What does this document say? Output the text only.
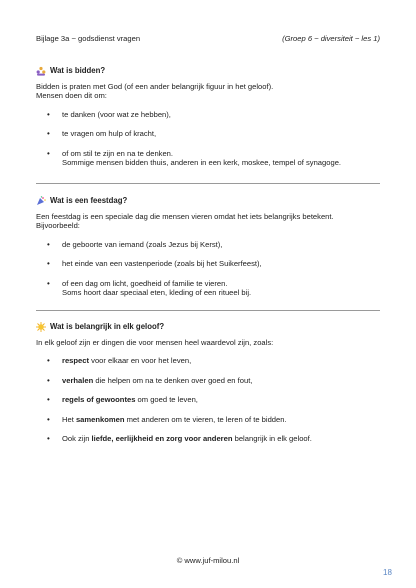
Bijlage 3a ~ godsdienst vragen	(Groep 6 ~ diversiteit ~ les 1)
Wat is bidden?

Bidden is praten met God (of een ander belangrijk figuur in het geloof).

Mensen doen dit om:

• te danken (voor wat ze hebben),
• te vragen om hulp of kracht,
• of om stil te zijn en na te denken.
Sommige mensen bidden thuis, anderen in een kerk, moskee, tempel of synagoge.
Wat is een feestdag?

Een feestdag is een speciale dag die mensen vieren omdat het iets belangrijks betekent.

Bijvoorbeeld:

• de geboorte van iemand (zoals Jezus bij Kerst),
• het einde van een vastenperiode (zoals bij het Suikerfeest),
• of een dag om licht, goedheid of familie te vieren.
Soms hoort daar speciaal eten, kleding of een ritueel bij.
Wat is belangrijk in elk geloof?

In elk geloof zijn er dingen die voor mensen heel waardevol zijn, zoals:

• respect voor elkaar en voor het leven,
• verhalen die helpen om na te denken over goed en fout,
• regels of gewoontes om goed te leven,
• Het samenkomen met anderen om te vieren, te leren of te bidden.
• Ook zijn liefde, eerlijkheid en zorg voor anderen belangrijk in elk geloof.
© www.juf-milou.nl
18
